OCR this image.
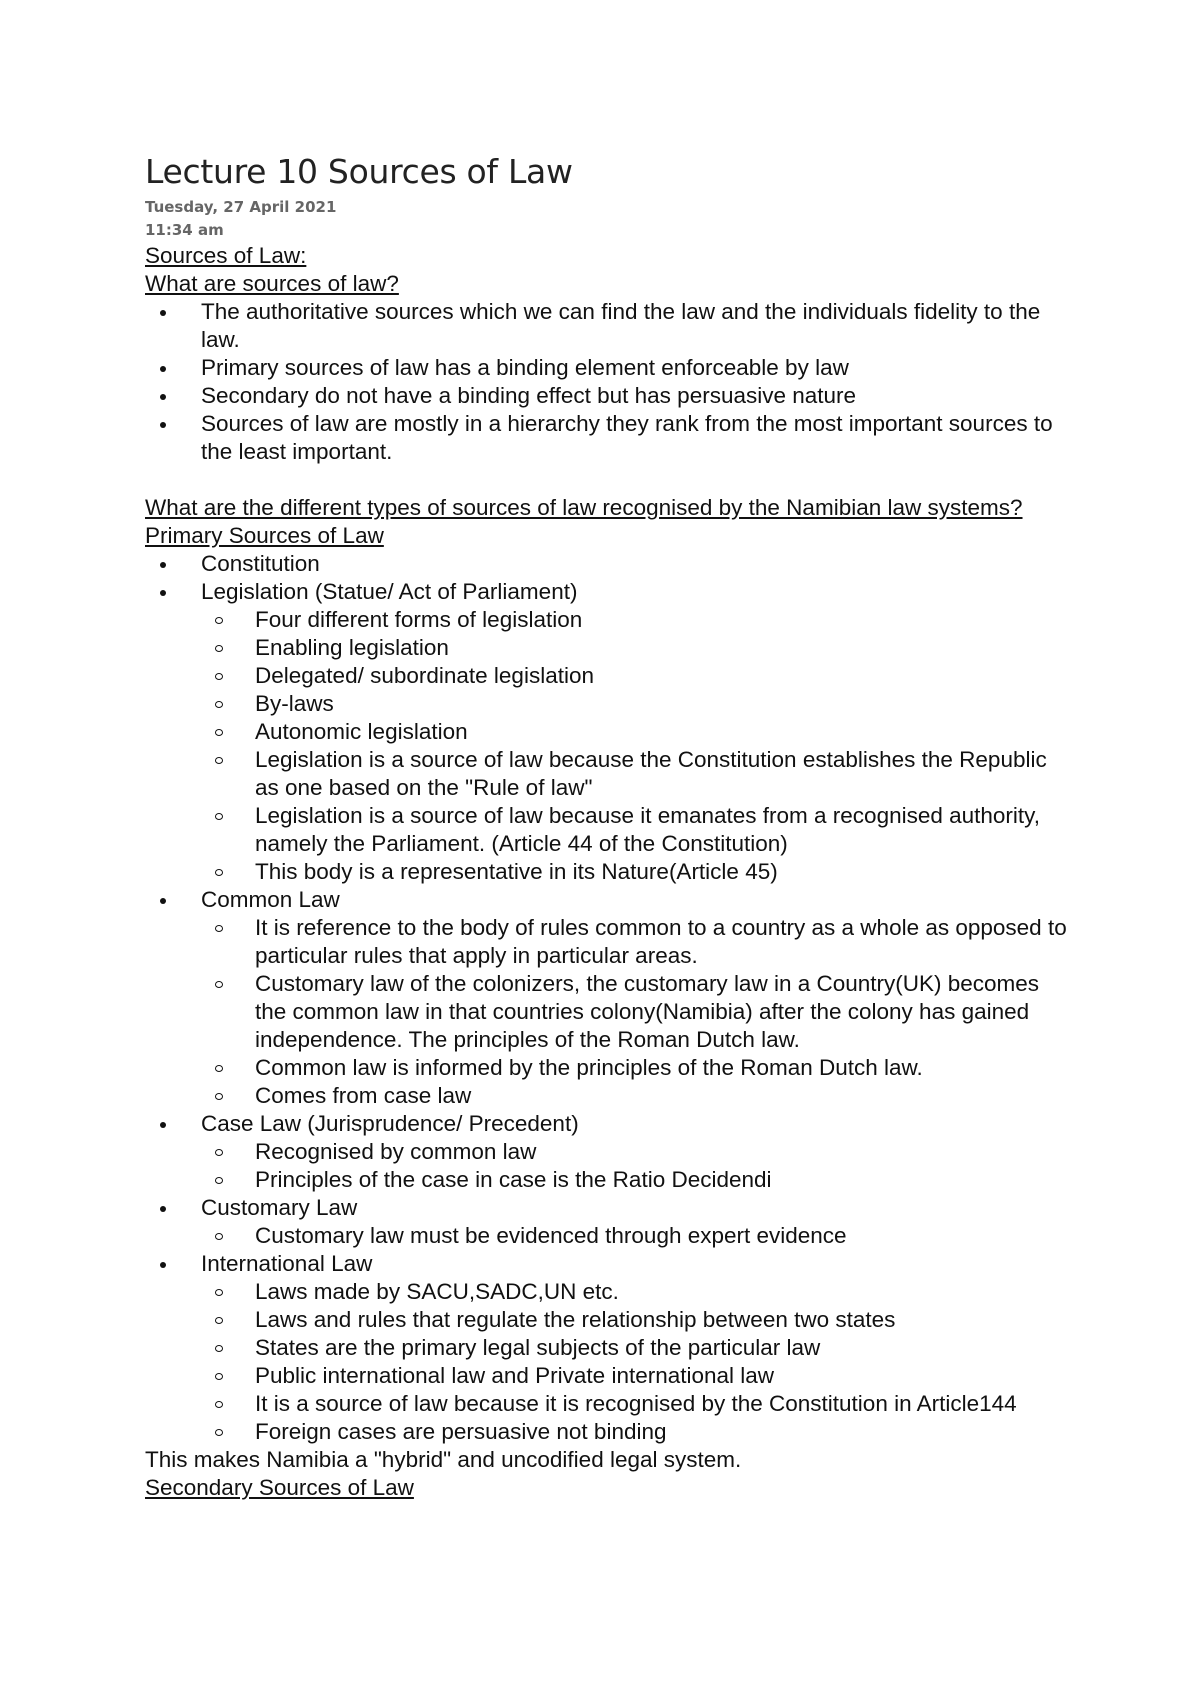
Lecture 10 Sources of Law
Tuesday, 27 April 2021
11:34 am
Sources of Law:
What are sources of law?
The authoritative sources which we can find the law and the individuals fidelity to the law.
Primary sources of law has a binding element enforceable by law
Secondary do not have a binding effect but has persuasive nature
Sources of law are mostly in a hierarchy they rank from the most important sources to the least important.
What are the different types of sources of law recognised by the Namibian law systems?
Primary Sources of Law
Constitution
Legislation (Statue/ Act of Parliament)
Four different forms of legislation
Enabling legislation
Delegated/ subordinate legislation
By-laws
Autonomic legislation
Legislation is a source of law because the Constitution establishes the Republic as one based on the "Rule of law"
Legislation is a source of law because it emanates from a recognised authority, namely the Parliament. (Article 44 of the Constitution)
This body is a representative in its Nature(Article 45)
Common Law
It is reference to the body of rules common to a country as a whole as opposed to particular rules that apply in particular areas.
Customary law of the colonizers, the customary law in a Country(UK) becomes the common law in that countries colony(Namibia) after the colony has gained independence. The principles of the Roman Dutch law.
Common law is informed by the principles of the Roman Dutch law.
Comes from case law
Case Law (Jurisprudence/ Precedent)
Recognised by common law
Principles of the case in case is the Ratio Decidendi
Customary Law
Customary law must be evidenced through expert evidence
International Law
Laws made by SACU,SADC,UN etc.
Laws and rules that regulate the relationship between two states
States are the primary legal subjects of the particular law
Public international law and Private international law
It is a source of law because it is recognised by the Constitution in Article144
Foreign cases are persuasive not binding
This makes Namibia a "hybrid" and uncodified legal system.
Secondary Sources of Law
